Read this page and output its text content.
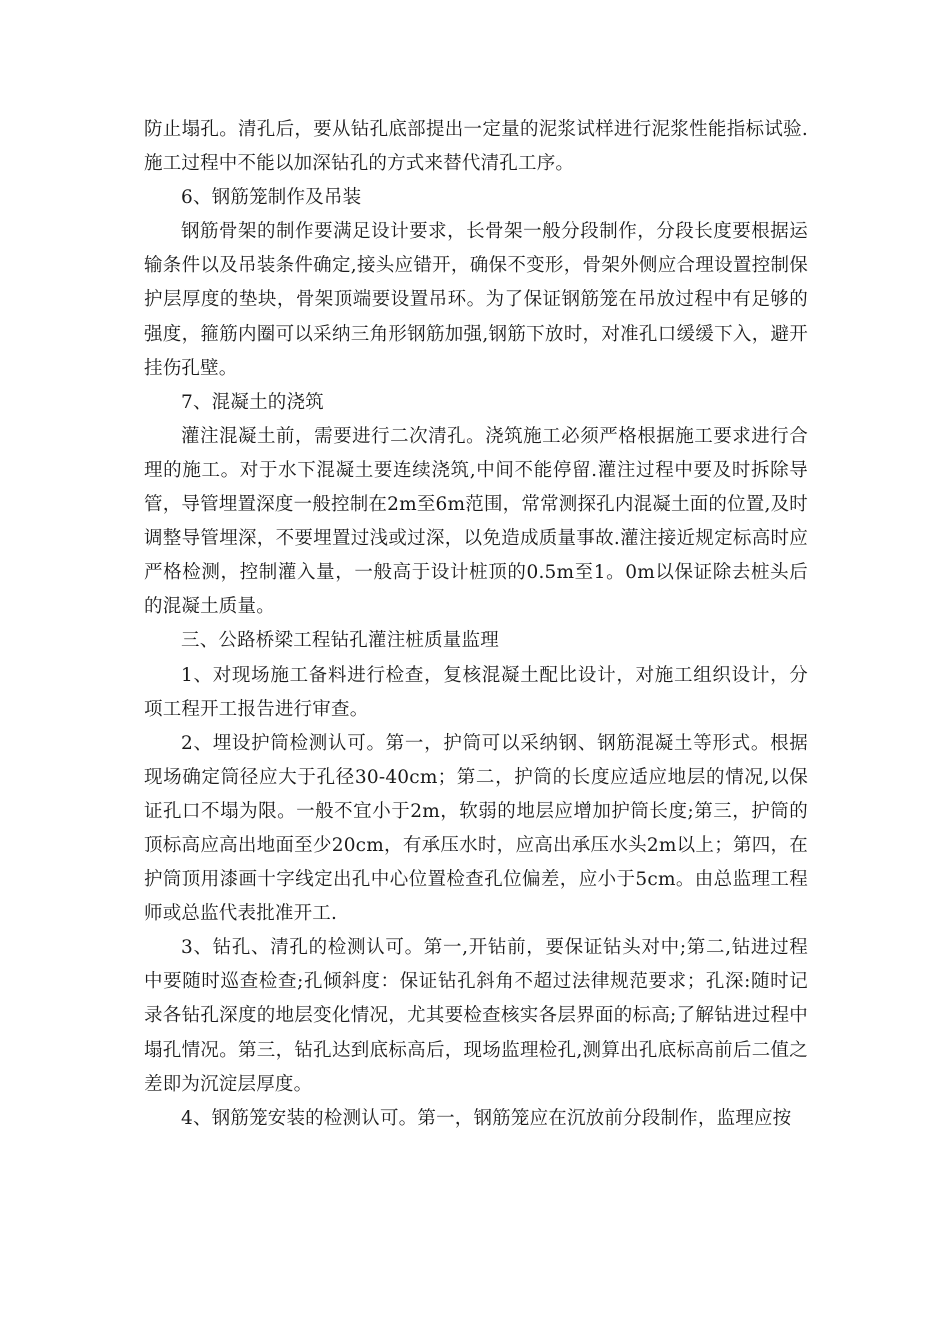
防止塌孔。清孔后，要从钻孔底部提出一定量的泥浆试样进行泥浆性能指标试验.施工过程中不能以加深钻孔的方式来替代清孔工序。

6、钢筋笼制作及吊装

钢筋骨架的制作要满足设计要求，长骨架一般分段制作，分段长度要根据运输条件以及吊装条件确定,接头应错开，确保不变形，骨架外侧应合理设置控制保护层厚度的垫块，骨架顶端要设置吊环。为了保证钢筋笼在吊放过程中有足够的强度，箍筋内圈可以采纳三角形钢筋加强,钢筋下放时，对准孔口缓缓下入，避开挂伤孔壁。

7、混凝土的浇筑

灌注混凝土前，需要进行二次清孔。浇筑施工必须严格根据施工要求进行合理的施工。对于水下混凝土要连续浇筑,中间不能停留.灌注过程中要及时拆除导管，导管埋置深度一般控制在2m至6m范围，常常测探孔内混凝土面的位置,及时调整导管埋深，不要埋置过浅或过深，以免造成质量事故.灌注接近规定标高时应严格检测，控制灌入量，一般高于设计桩顶的0.5m至1。0m以保证除去桩头后的混凝土质量。

三、公路桥梁工程钻孔灌注桩质量监理

1、对现场施工备料进行检查，复核混凝土配比设计，对施工组织设计，分项工程开工报告进行审查。

2、埋设护筒检测认可。第一，护筒可以采纳钢、钢筋混凝土等形式。根据现场确定筒径应大于孔径30-40cm；第二，护筒的长度应适应地层的情况,以保证孔口不塌为限。一般不宜小于2m，软弱的地层应增加护筒长度;第三，护筒的顶标高应高出地面至少20cm，有承压水时，应高出承压水头2m以上；第四，在护筒顶用漆画十字线定出孔中心位置检查孔位偏差，应小于5cm。由总监理工程师或总监代表批准开工.

3、钻孔、清孔的检测认可。第一,开钻前，要保证钻头对中;第二,钻进过程中要随时巡查检查;孔倾斜度：保证钻孔斜角不超过法律规范要求；孔深:随时记录各钻孔深度的地层变化情况，尤其要检查核实各层界面的标高;了解钻进过程中塌孔情况。第三，钻孔达到底标高后，现场监理检孔,测算出孔底标高前后二值之差即为沉淀层厚度。

4、钢筋笼安装的检测认可。第一，钢筋笼应在沉放前分段制作，监理应按
